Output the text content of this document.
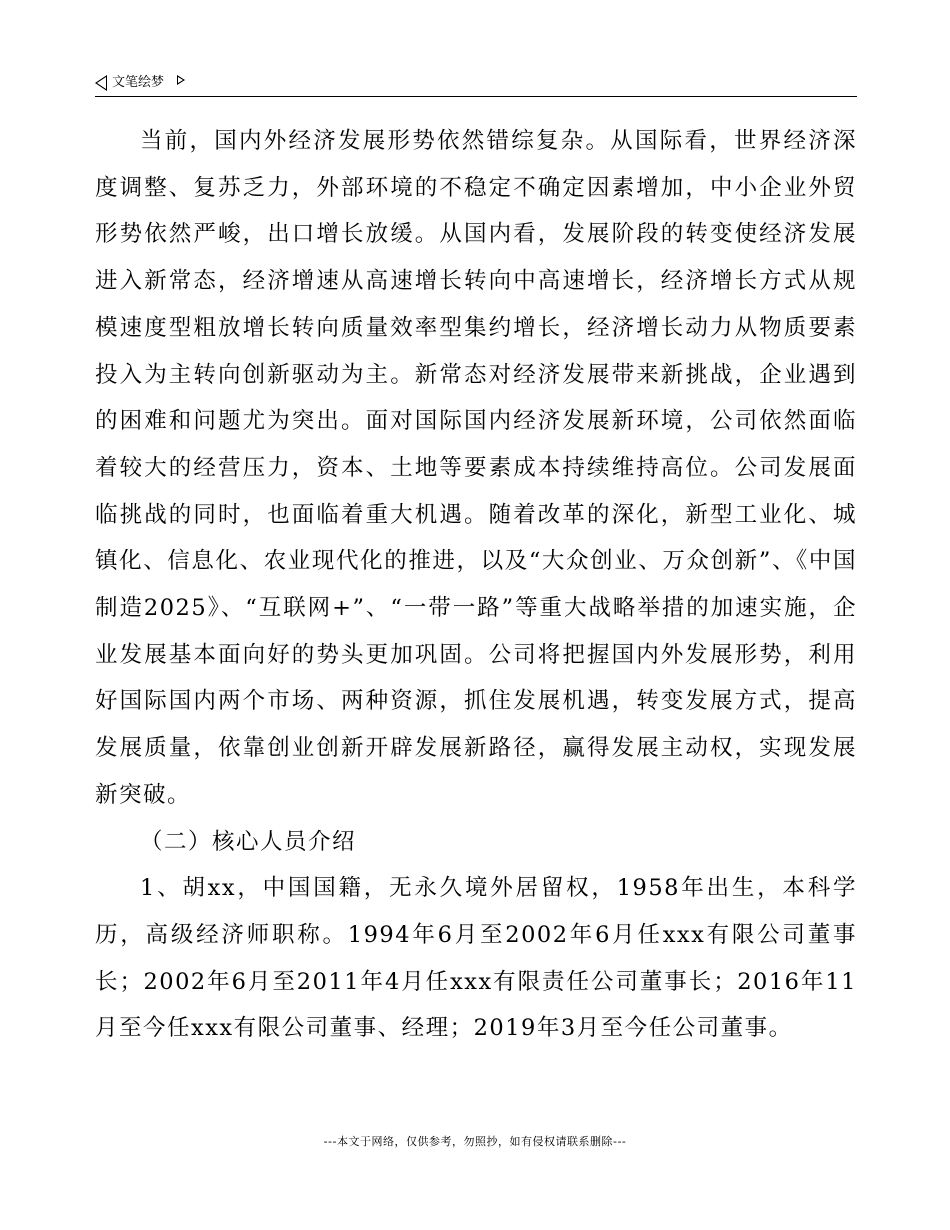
文笔绘梦

当前，国内外经济发展形势依然错综复杂。从国际看，世界经济深度调整、复苏乏力，外部环境的不稳定不确定因素增加，中小企业外贸形势依然严峻，出口增长放缓。从国内看，发展阶段的转变使经济发展进入新常态，经济增速从高速增长转向中高速增长，经济增长方式从规模速度型粗放增长转向质量效率型集约增长，经济增长动力从物质要素投入为主转向创新驱动为主。新常态对经济发展带来新挑战，企业遇到的困难和问题尤为突出。面对国际国内经济发展新环境，公司依然面临着较大的经营压力，资本、土地等要素成本持续维持高位。公司发展面临挑战的同时，也面临着重大机遇。随着改革的深化，新型工业化、城镇化、信息化、农业现代化的推进，以及“大众创业、万众创新”、《中国制造2025》、“互联网+”、“一带一路”等重大战略举措的加速实施，企业发展基本面向好的势头更加巩固。公司将把握国内外发展形势，利用好国际国内两个市场、两种资源，抓住发展机遇，转变发展方式，提高发展质量，依靠创业创新开辟发展新路径，赢得发展主动权，实现发展新突破。

（二）核心人员介绍

1、胡xx，中国国籍，无永久境外居留权，1958年出生，本科学历，高级经济师职称。1994年6月至2002年6月任xxx有限公司董事长；2002年6月至2011年4月任xxx有限责任公司董事长；2016年11月至今任xxx有限公司董事、经理；2019年3月至今任公司董事。

---本文于网络，仅供参考，勿照抄，如有侵权请联系删除---
